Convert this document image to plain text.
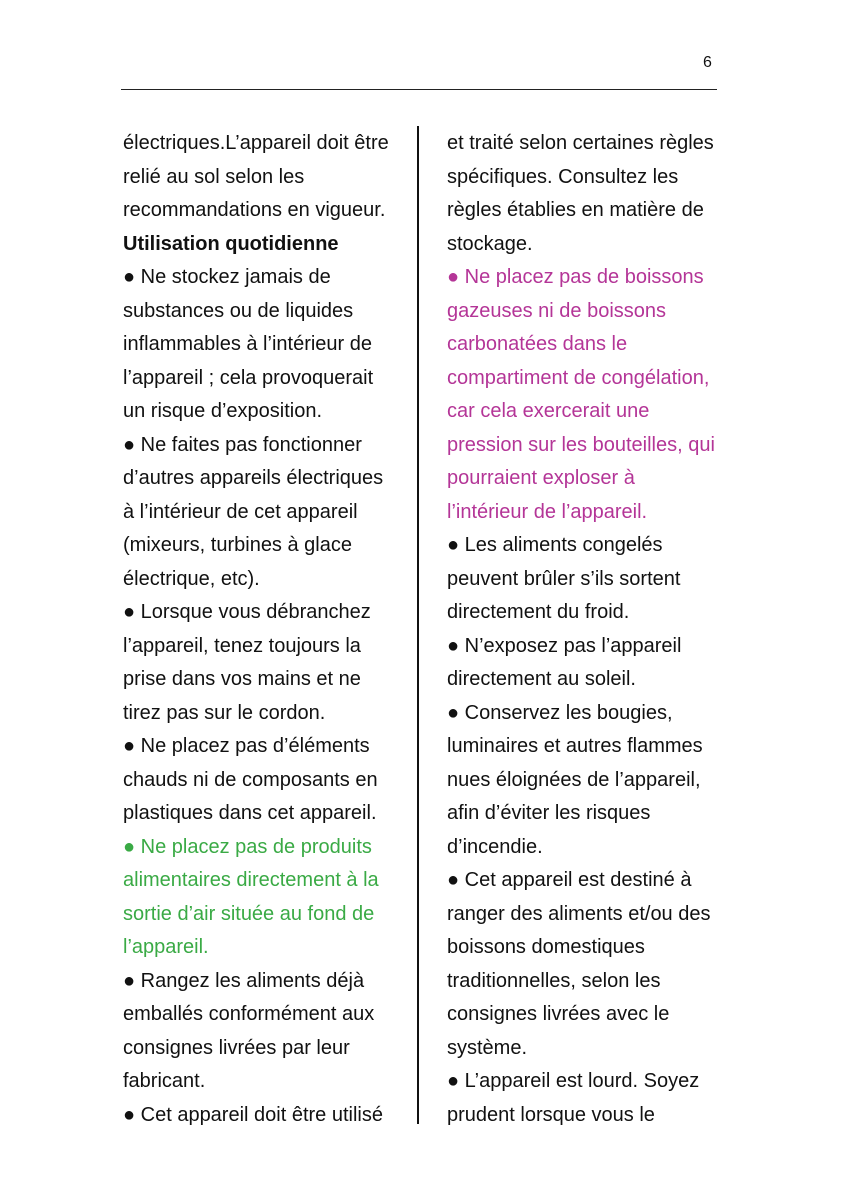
6
électriques.L’appareil doit être
relié au sol selon les
recommandations en vigueur.
Utilisation quotidienne
● Ne stockez jamais de
substances ou de liquides
inflammables à l’intérieur de
l’appareil ; cela provoquerait
un risque d’exposition.
● Ne faites pas fonctionner
d’autres appareils électriques
à l’intérieur de cet appareil
(mixeurs, turbines à glace
électrique, etc).
● Lorsque vous débranchez
l’appareil, tenez toujours la
prise dans vos mains et ne
tirez pas sur le cordon.
● Ne placez pas d’éléments
chauds ni de composants en
plastiques dans cet appareil.
● Ne placez pas de produits
alimentaires directement à la
sortie d’air située au fond de
l’appareil.
● Rangez les aliments déjà
emballés conformément aux
consignes livrées par leur
fabricant.
● Cet appareil doit être utilisé
et traité selon certaines règles
spécifiques. Consultez les
règles établies en matière de
stockage.
● Ne placez pas de boissons
gazeuses ni de boissons
carbonatées dans le
compartiment de congélation,
car cela exercerait une
pression sur les bouteilles, qui
pourraient exploser à
l’intérieur de l’appareil.
● Les aliments congelés
peuvent brûler s’ils sortent
directement du froid.
● N’exposez pas l’appareil
directement au soleil.
● Conservez les bougies,
luminaires et autres flammes
nues éloignées de l’appareil,
afin d’éviter les risques
d’incendie.
● Cet appareil est destiné à
ranger des aliments et/ou des
boissons domestiques
traditionnelles, selon les
consignes livrées avec le
système.
● L’appareil est lourd. Soyez
prudent lorsque vous le
